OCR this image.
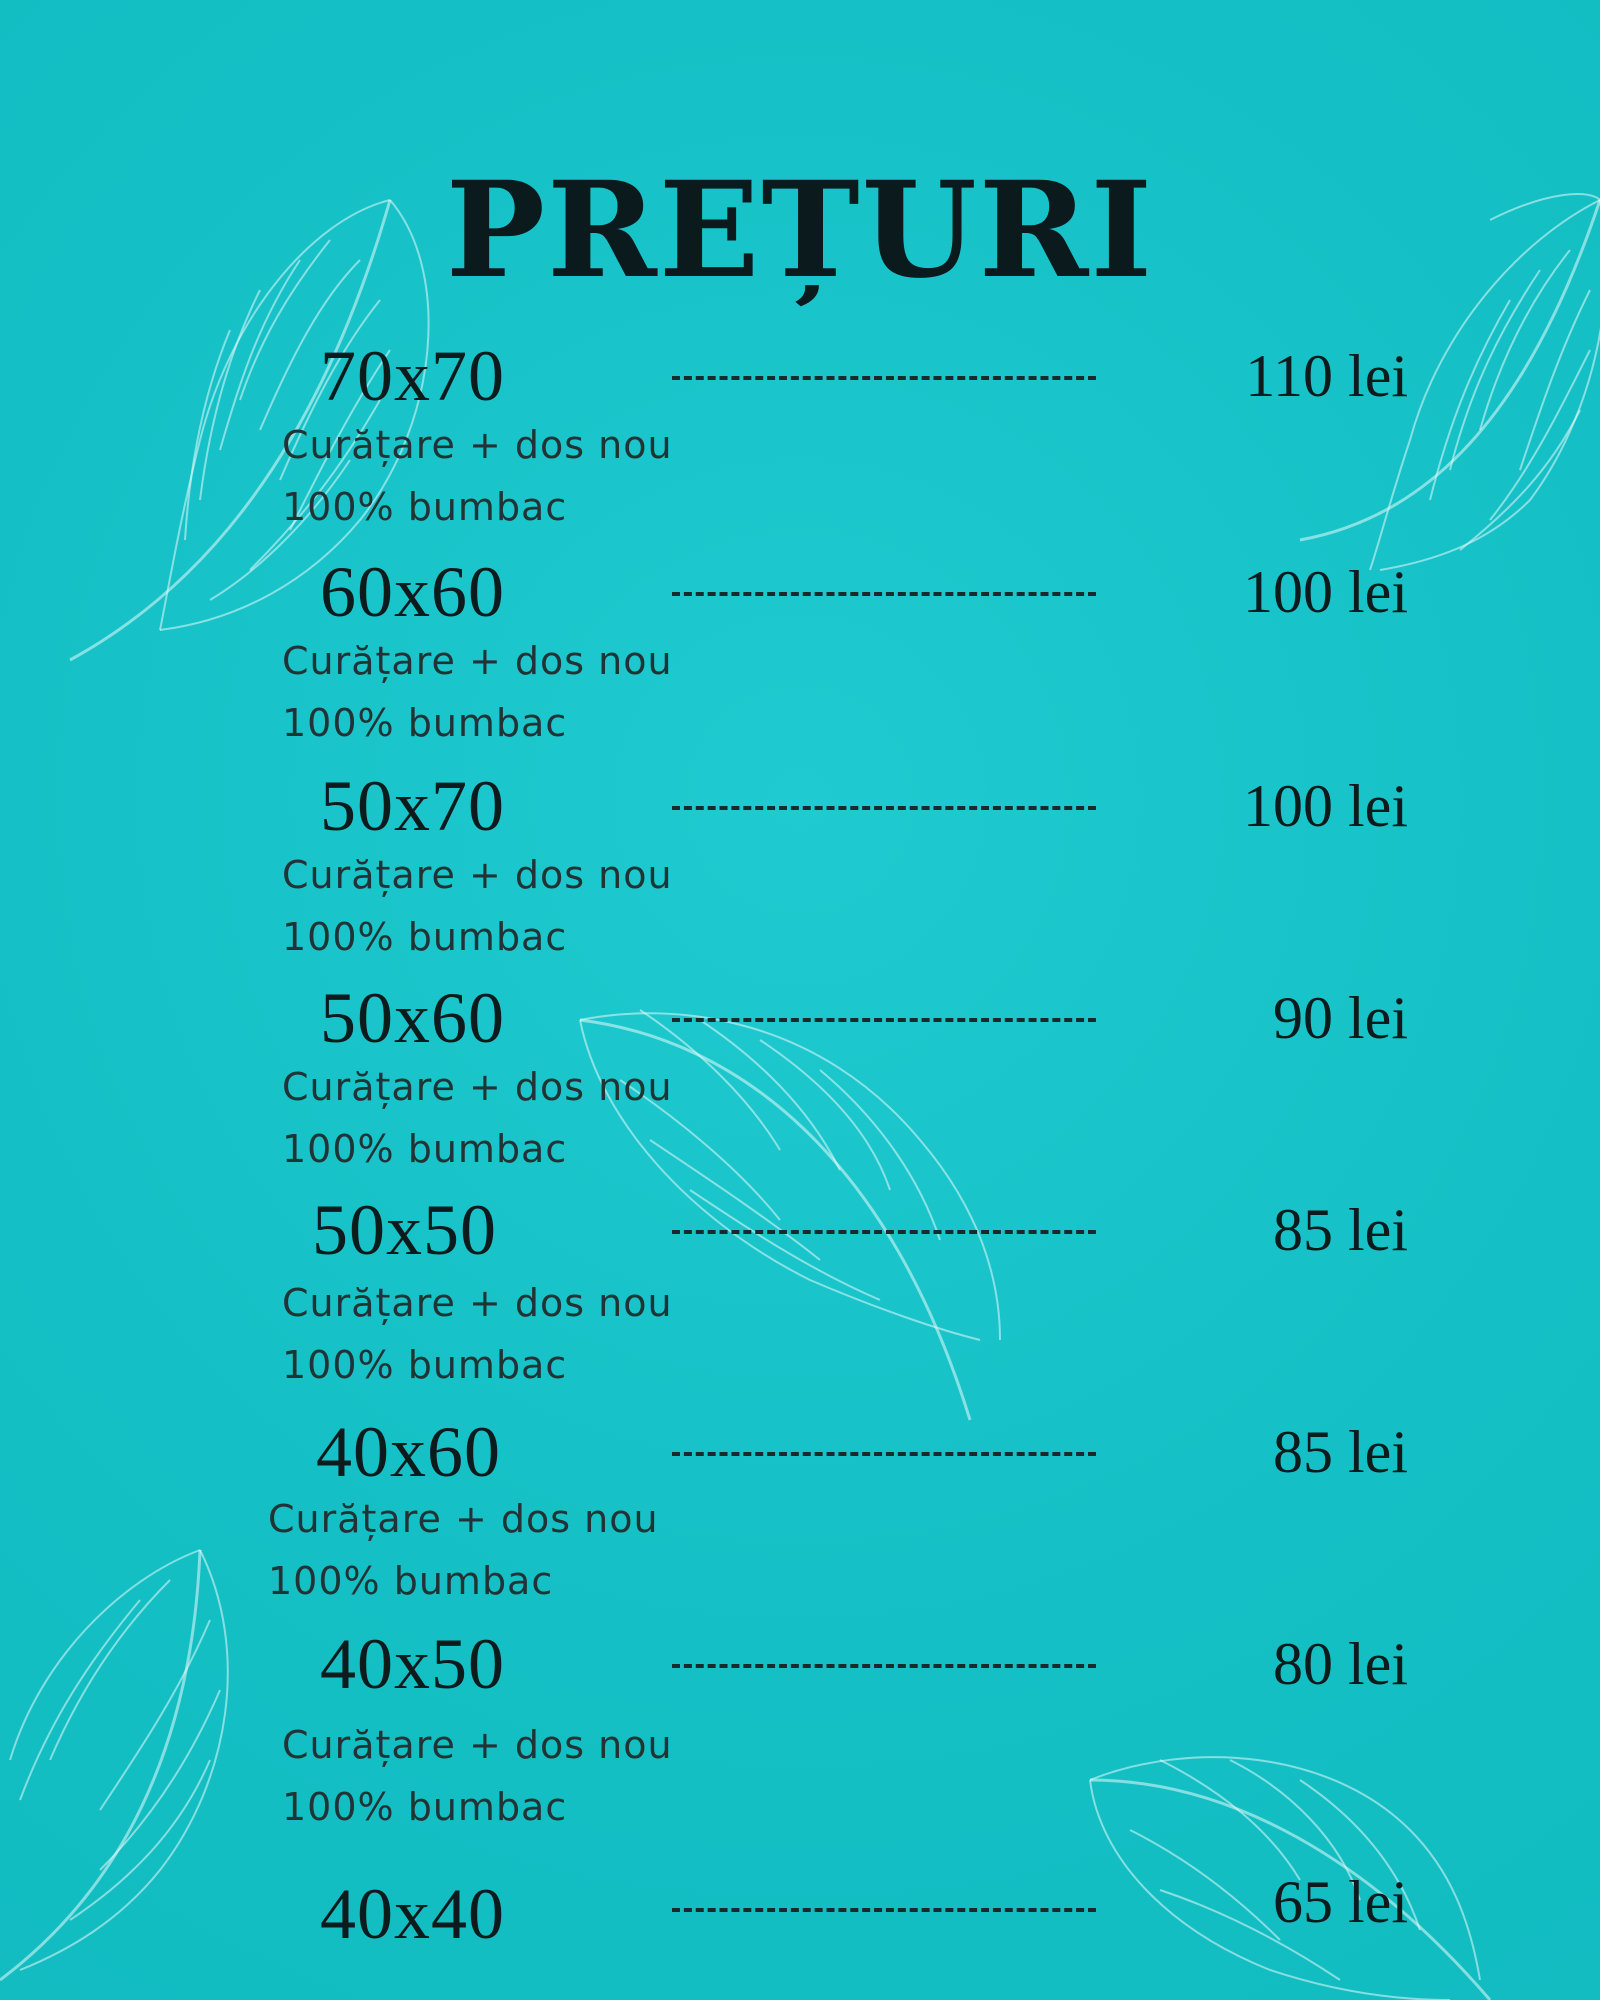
PREȚURI
70x70	110 lei
Curățare + dos nou
100% bumbac
60x60	100 lei
Curățare + dos nou
100% bumbac
50x70	100 lei
Curățare + dos nou
100% bumbac
50x60	90 lei
Curățare + dos nou
100% bumbac
50x50	85 lei
Curățare + dos nou
100% bumbac
40x60	85 lei
Curățare + dos nou
100% bumbac
40x50	80 lei
Curățare + dos nou
100% bumbac
40x40	65 lei
